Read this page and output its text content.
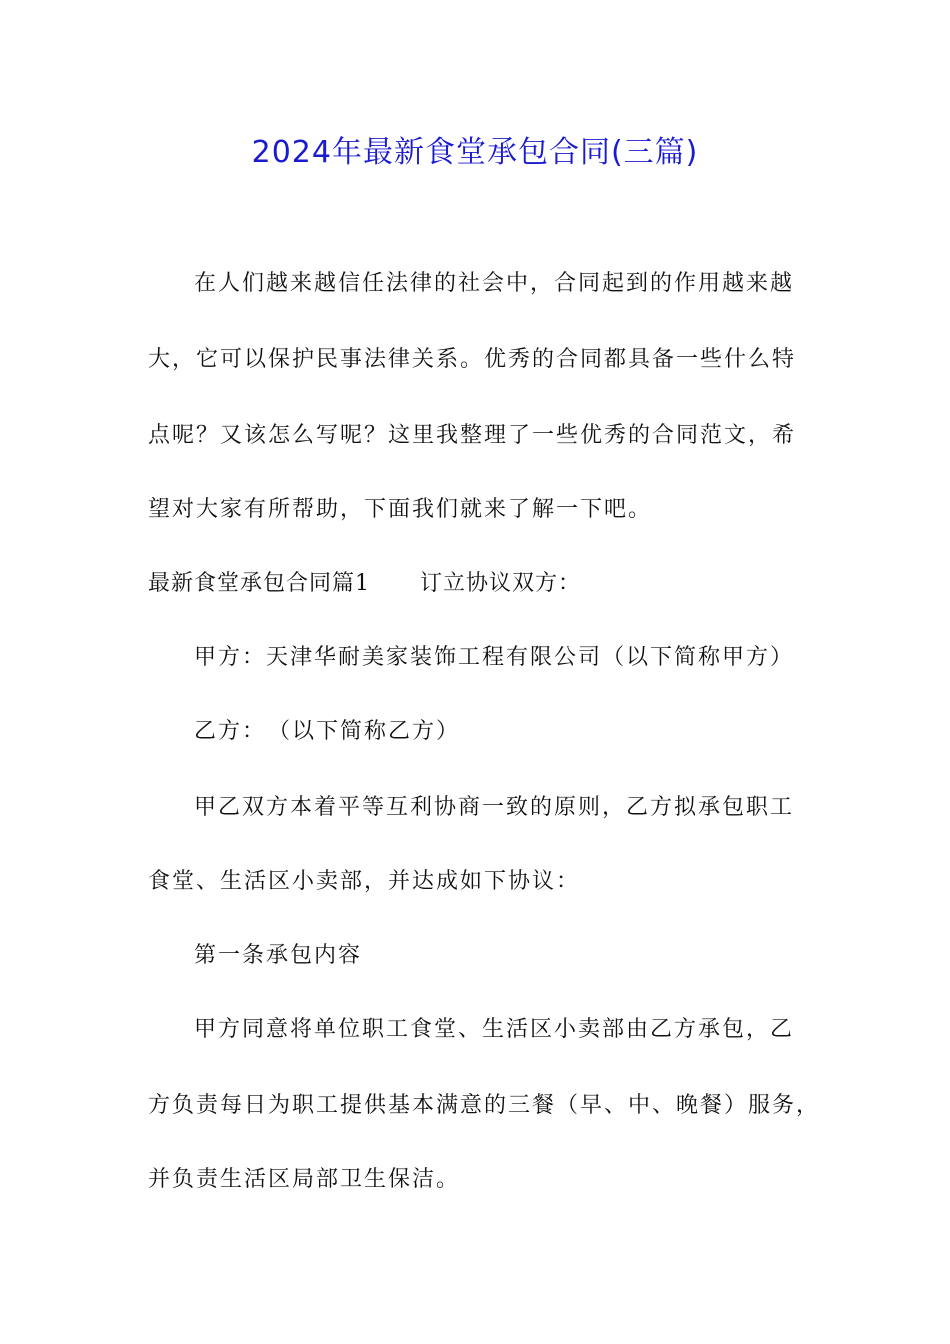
2024年最新食堂承包合同(三篇)

在人们越来越信任法律的社会中，合同起到的作用越来越

大，它可以保护民事法律关系。优秀的合同都具备一些什么特

点呢？又该怎么写呢？这里我整理了一些优秀的合同范文，希

望对大家有所帮助，下面我们就来了解一下吧。

最新食堂承包合同篇1 订立协议双方：

甲方：天津华耐美家装饰工程有限公司（以下简称甲方）

乙方：　（以下简称乙方）

甲乙双方本着平等互利协商一致的原则，乙方拟承包职工

食堂、生活区小卖部，并达成如下协议：

第一条承包内容

甲方同意将单位职工食堂、生活区小卖部由乙方承包，乙

方负责每日为职工提供基本满意的三餐（早、中、晚餐）服务，

并负责生活区局部卫生保洁。
